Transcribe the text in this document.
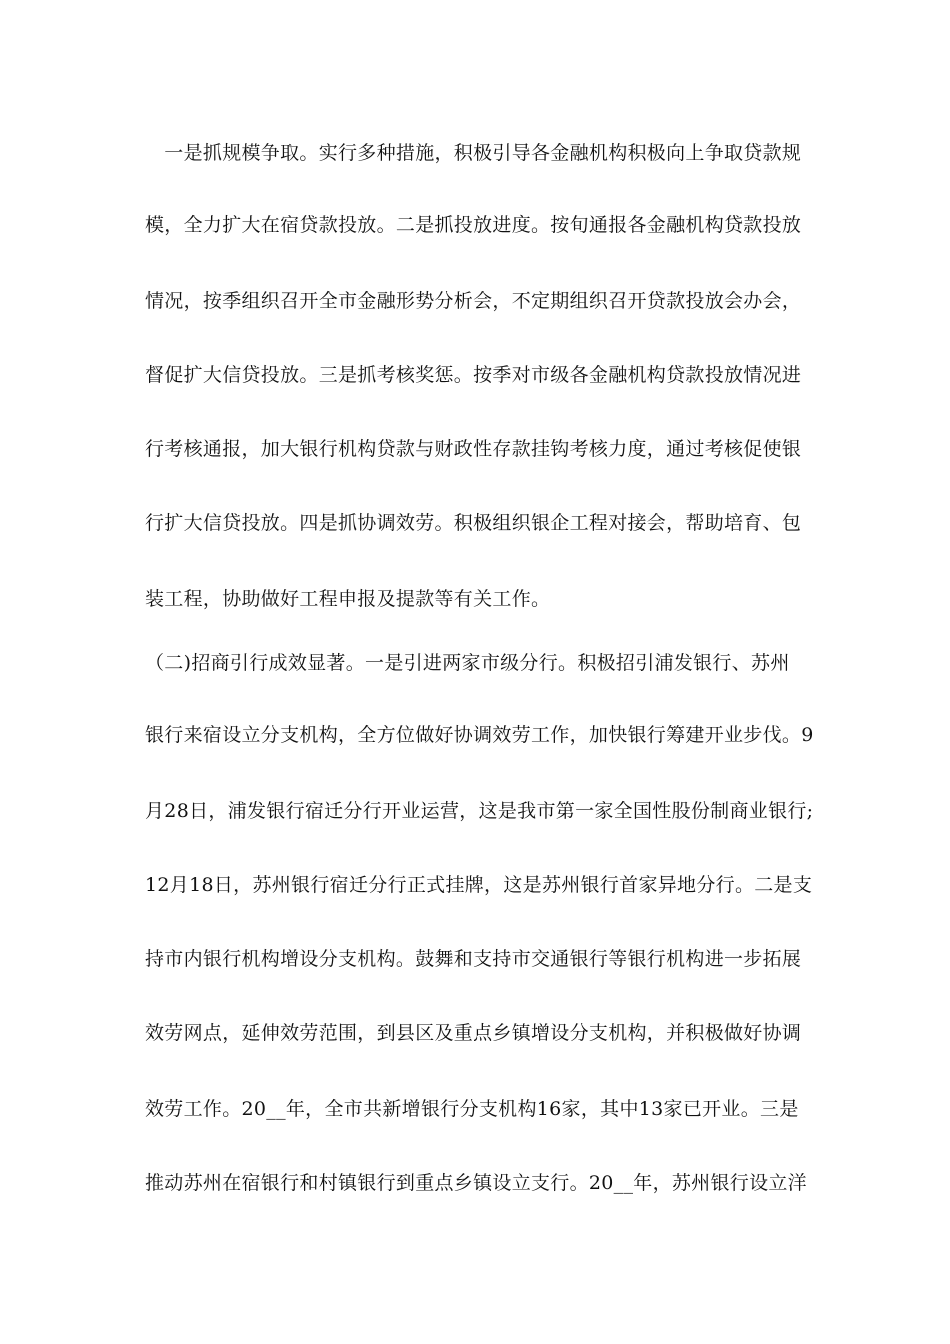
　一是抓规模争取。实行多种措施，积极引导各金融机构积极向上争取贷款规
模，全力扩大在宿贷款投放。二是抓投放进度。按旬通报各金融机构贷款投放
情况，按季组织召开全市金融形势分析会，不定期组织召开贷款投放会办会，
督促扩大信贷投放。三是抓考核奖惩。按季对市级各金融机构贷款投放情况进
行考核通报，加大银行机构贷款与财政性存款挂钩考核力度，通过考核促使银
行扩大信贷投放。四是抓协调效劳。积极组织银企工程对接会，帮助培育、包
装工程，协助做好工程申报及提款等有关工作。
（二)招商引行成效显著。一是引进两家市级分行。积极招引浦发银行、苏州
银行来宿设立分支机构，全方位做好协调效劳工作，加快银行筹建开业步伐。9
月28日，浦发银行宿迁分行开业运营，这是我市第一家全国性股份制商业银行;
12月18日，苏州银行宿迁分行正式挂牌，这是苏州银行首家异地分行。二是支
持市内银行机构增设分支机构。鼓舞和支持市交通银行等银行机构进一步拓展
效劳网点，延伸效劳范围，到县区及重点乡镇增设分支机构，并积极做好协调
效劳工作。20__年，全市共新增银行分支机构16家，其中13家已开业。三是
推动苏州在宿银行和村镇银行到重点乡镇设立支行。20__年，苏州银行设立洋
